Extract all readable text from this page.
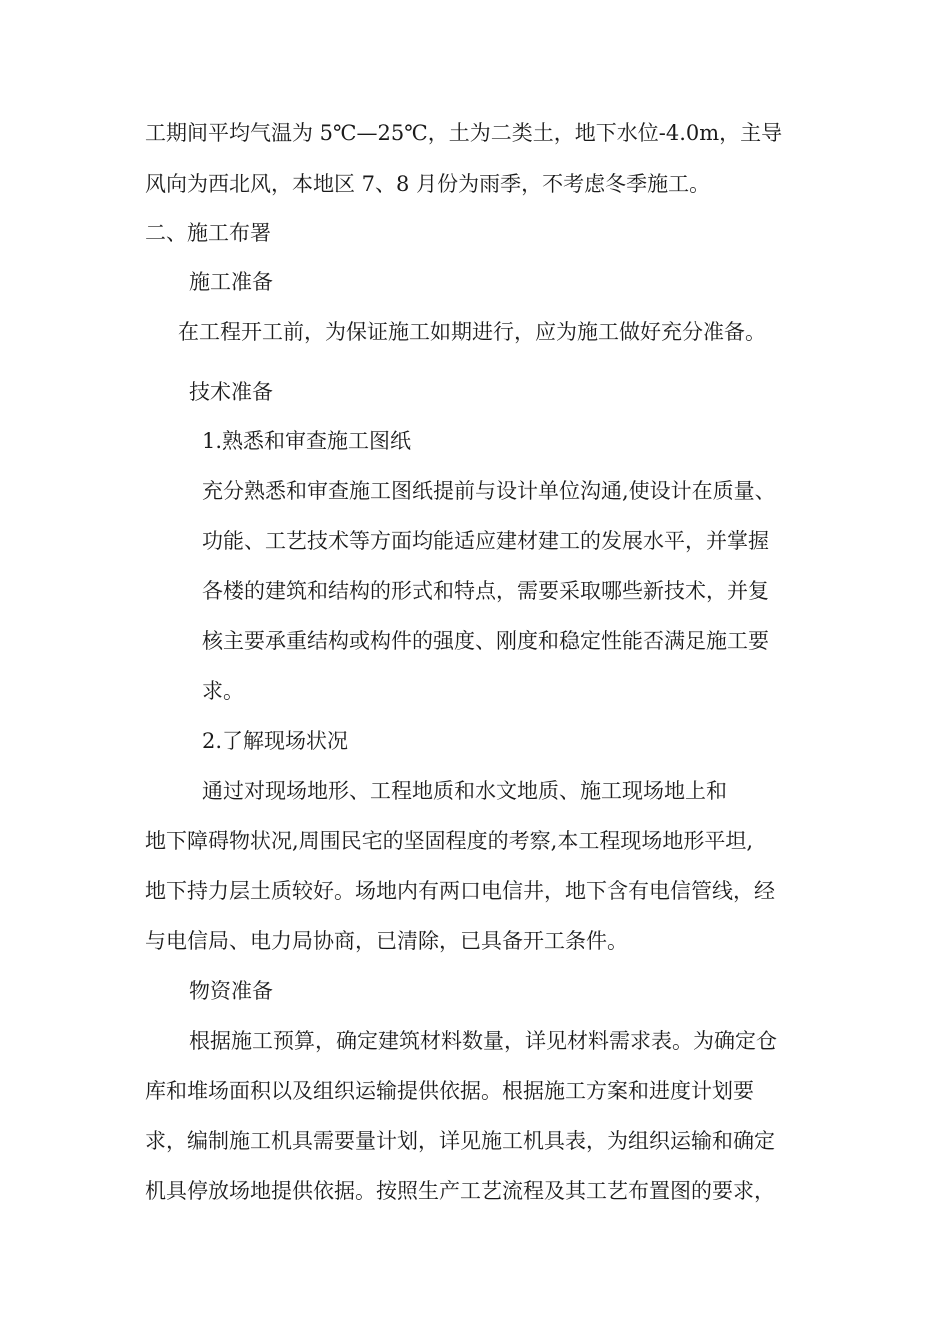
工期间平均气温为 5℃—25℃，土为二类土，地下水位-4.0m，主导

风向为西北风，本地区 7、8 月份为雨季，不考虑冬季施工。

二、施工布署
施工准备

在工程开工前，为保证施工如期进行，应为施工做好充分准备。

技术准备
1.熟悉和审查施工图纸

充分熟悉和审查施工图纸提前与设计单位沟通,使设计在质量、

功能、工艺技术等方面均能适应建材建工的发展水平，并掌握

各楼的建筑和结构的形式和特点，需要采取哪些新技术，并复

核主要承重结构或构件的强度、刚度和稳定性能否满足施工要

求。

2.了解现场状况

通过对现场地形、工程地质和水文地质、施工现场地上和

地下障碍物状况,周围民宅的坚固程度的考察,本工程现场地形平坦,

地下持力层土质较好。场地内有两口电信井，地下含有电信管线，经

与电信局、电力局协商，已清除，已具备开工条件。

物资准备

根据施工预算，确定建筑材料数量，详见材料需求表。为确定仓

库和堆场面积以及组织运输提供依据。根据施工方案和进度计划要

求，编制施工机具需要量计划，详见施工机具表，为组织运输和确定

机具停放场地提供依据。按照生产工艺流程及其工艺布置图的要求，
